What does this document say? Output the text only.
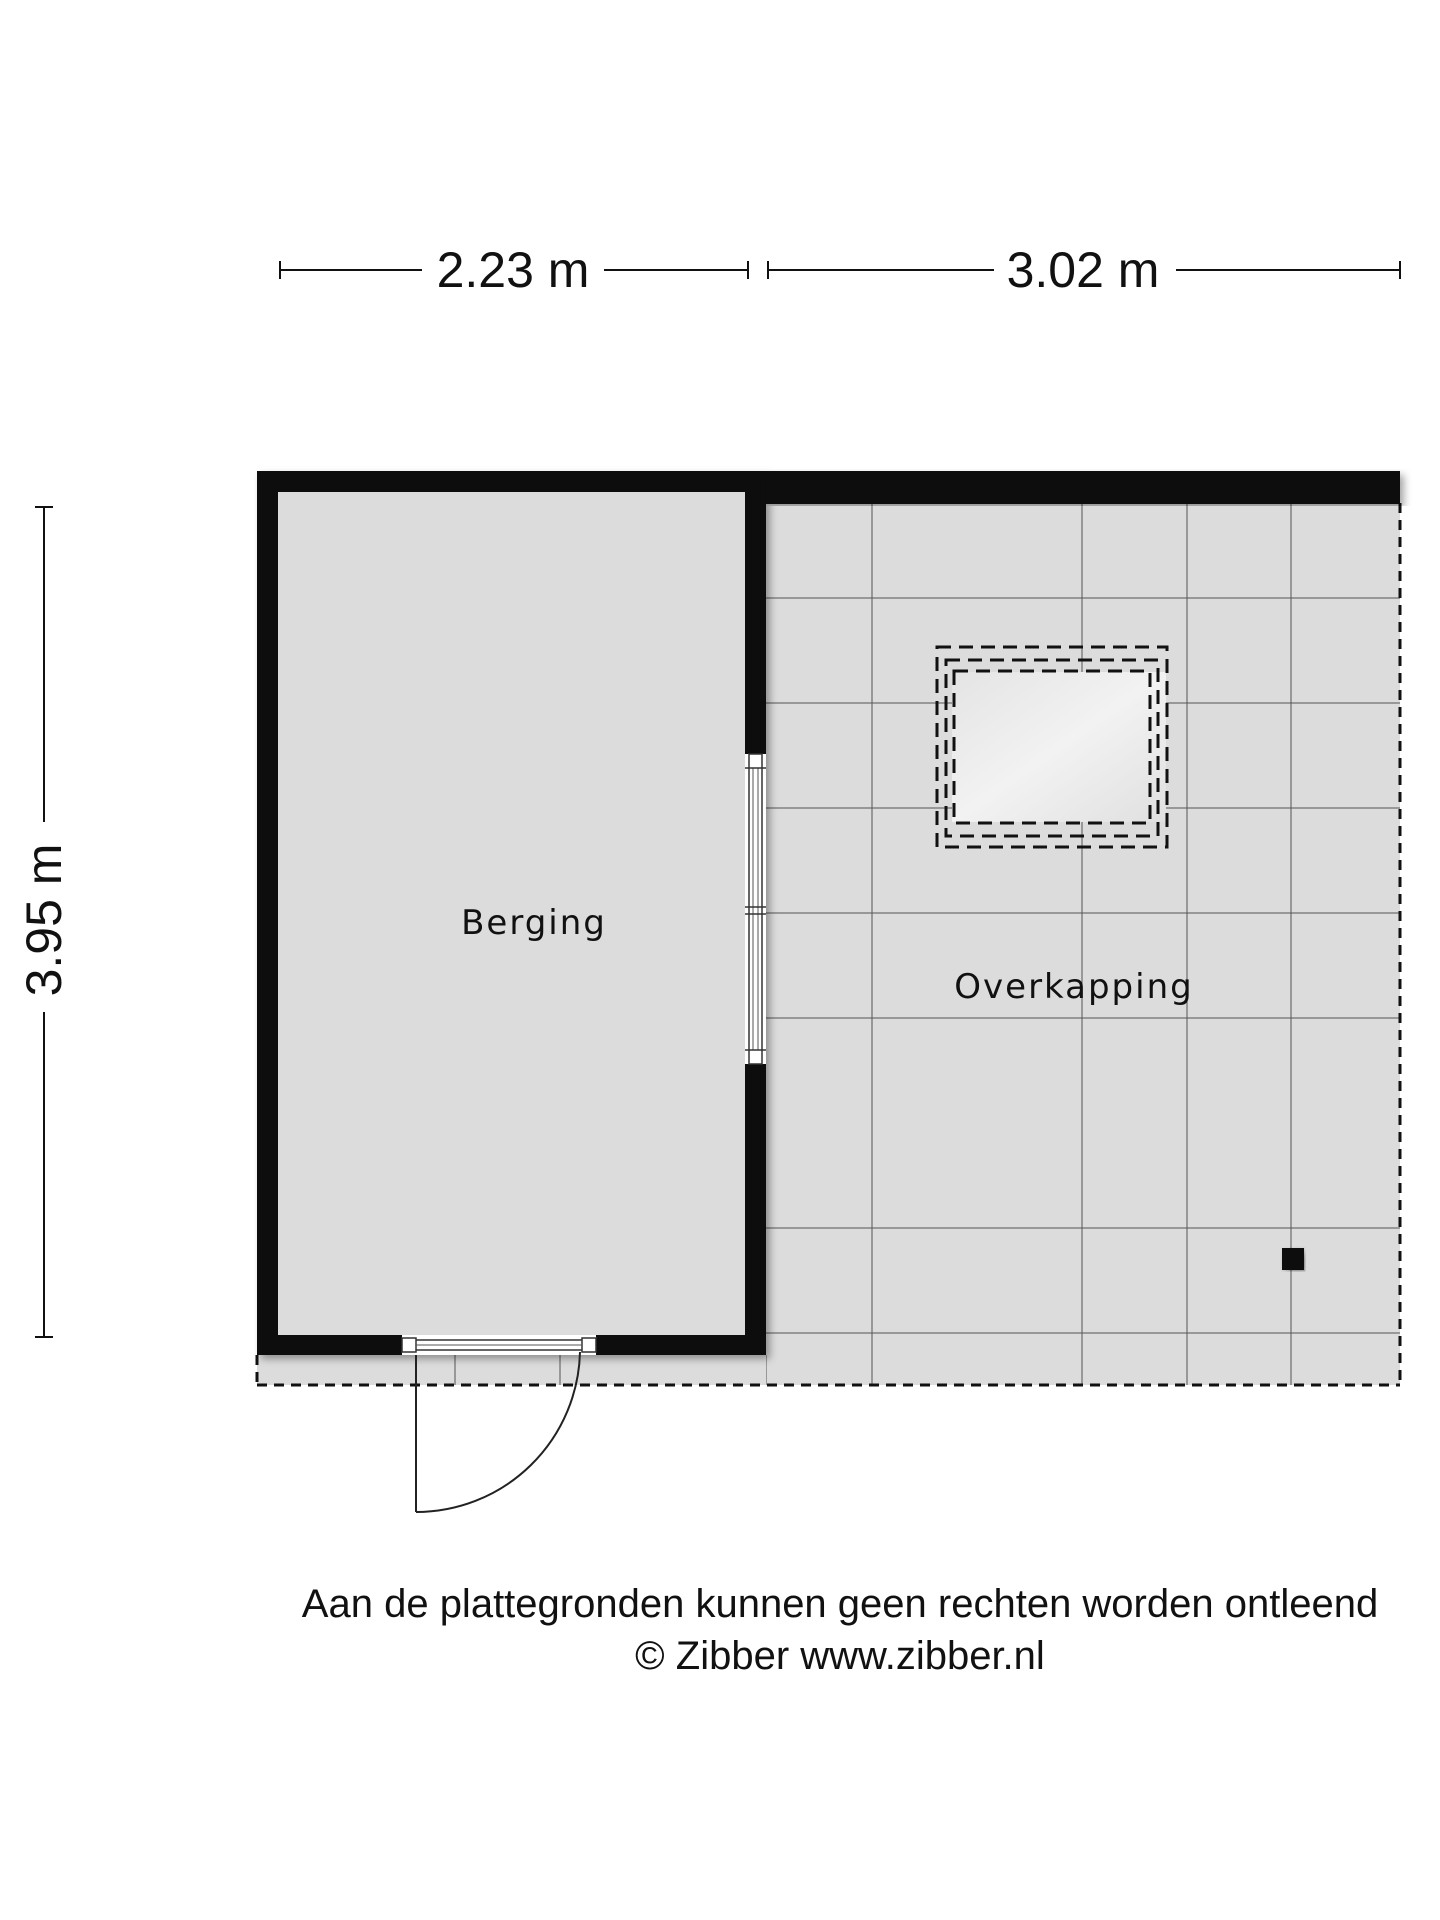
2.23 m	3.02 m
3.95 m	Berging
Overkapping
Aan de plattegronden kunnen geen rechten worden ontleend
© Zibber www.zibber.nl
